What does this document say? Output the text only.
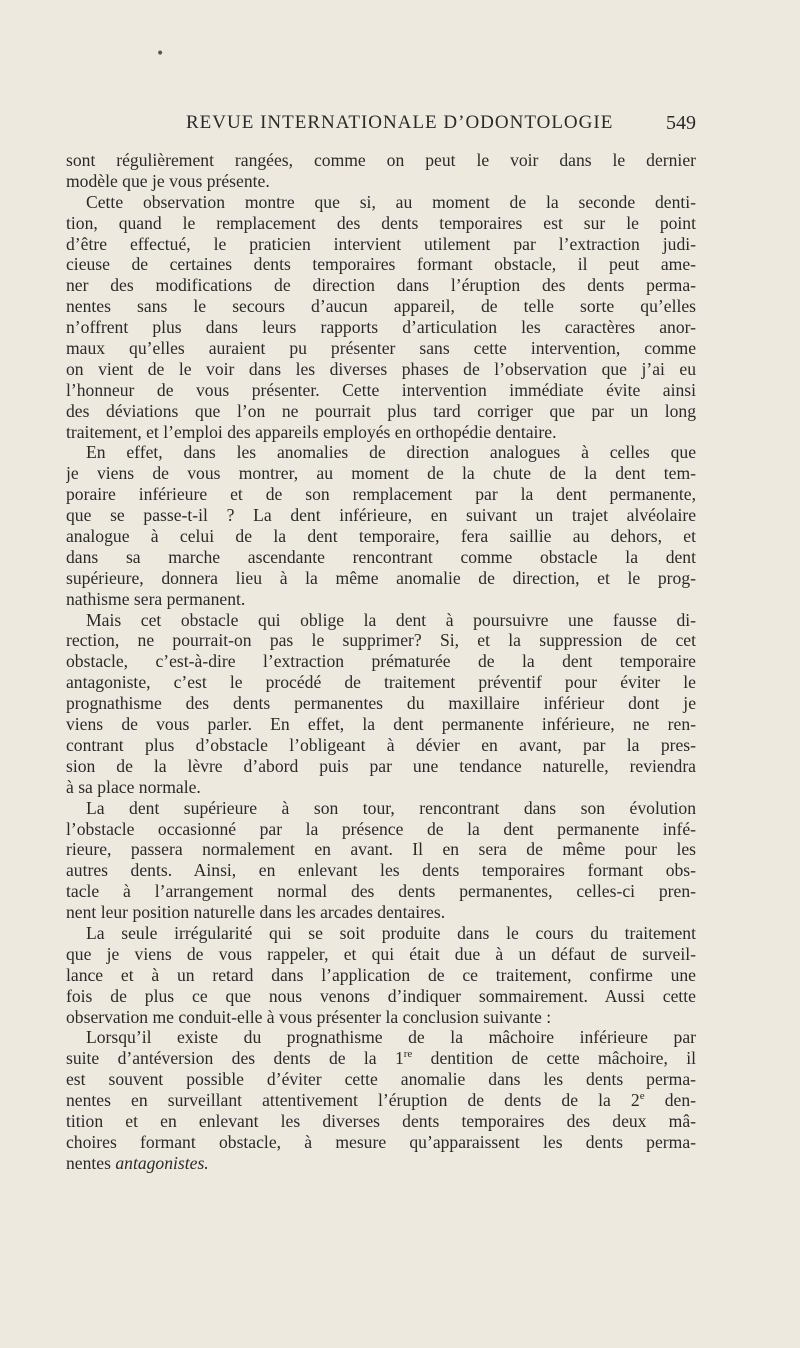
•
REVUE INTERNATIONALE D’ODONTOLOGIE	549
sont régulièrement rangées, comme on peut le voir dans le dernier
modèle que je vous présente.
Cette observation montre que si, au moment de la seconde denti-
tion, quand le remplacement des dents temporaires est sur le point
d’être effectué, le praticien intervient utilement par l’extraction judi-
cieuse de certaines dents temporaires formant obstacle, il peut ame-
ner des modifications de direction dans l’éruption des dents perma-
nentes sans le secours d’aucun appareil, de telle sorte qu’elles
n’offrent plus dans leurs rapports d’articulation les caractères anor-
maux qu’elles auraient pu présenter sans cette intervention, comme
on vient de le voir dans les diverses phases de l’observation que j’ai eu
l’honneur de vous présenter. Cette intervention immédiate évite ainsi
des déviations que l’on ne pourrait plus tard corriger que par un long
traitement, et l’emploi des appareils employés en orthopédie dentaire.
En effet, dans les anomalies de direction analogues à celles que
je viens de vous montrer, au moment de la chute de la dent tem-
poraire inférieure et de son remplacement par la dent permanente,
que se passe-t-il ? La dent inférieure, en suivant un trajet alvéolaire
analogue à celui de la dent temporaire, fera saillie au dehors, et
dans sa marche ascendante rencontrant comme obstacle la dent
supérieure, donnera lieu à la même anomalie de direction, et le prog-
nathisme sera permanent.
Mais cet obstacle qui oblige la dent à poursuivre une fausse di-
rection, ne pourrait-on pas le supprimer? Si, et la suppression de cet
obstacle, c’est-à-dire l’extraction prématurée de la dent temporaire
antagoniste, c’est le procédé de traitement préventif pour éviter le
prognathisme des dents permanentes du maxillaire inférieur dont je
viens de vous parler. En effet, la dent permanente inférieure, ne ren-
contrant plus d’obstacle l’obligeant à dévier en avant, par la pres-
sion de la lèvre d’abord puis par une tendance naturelle, reviendra
à sa place normale.
La dent supérieure à son tour, rencontrant dans son évolution
l’obstacle occasionné par la présence de la dent permanente infé-
rieure, passera normalement en avant. Il en sera de même pour les
autres dents. Ainsi, en enlevant les dents temporaires formant obs-
tacle à l’arrangement normal des dents permanentes, celles-ci pren-
nent leur position naturelle dans les arcades dentaires.
La seule irrégularité qui se soit produite dans le cours du traitement
que je viens de vous rappeler, et qui était due à un défaut de surveil-
lance et à un retard dans l’application de ce traitement, confirme une
fois de plus ce que nous venons d’indiquer sommairement. Aussi cette
observation me conduit-elle à vous présenter la conclusion suivante :
Lorsqu’il existe du prognathisme de la mâchoire inférieure par
suite d’antéversion des dents de la 1re dentition de cette mâchoire, il
est souvent possible d’éviter cette anomalie dans les dents perma-
nentes en surveillant attentivement l’éruption de dents de la 2e den-
tition et en enlevant les diverses dents temporaires des deux mâ-
choires formant obstacle, à mesure qu’apparaissent les dents perma-
nentes antagonistes.
